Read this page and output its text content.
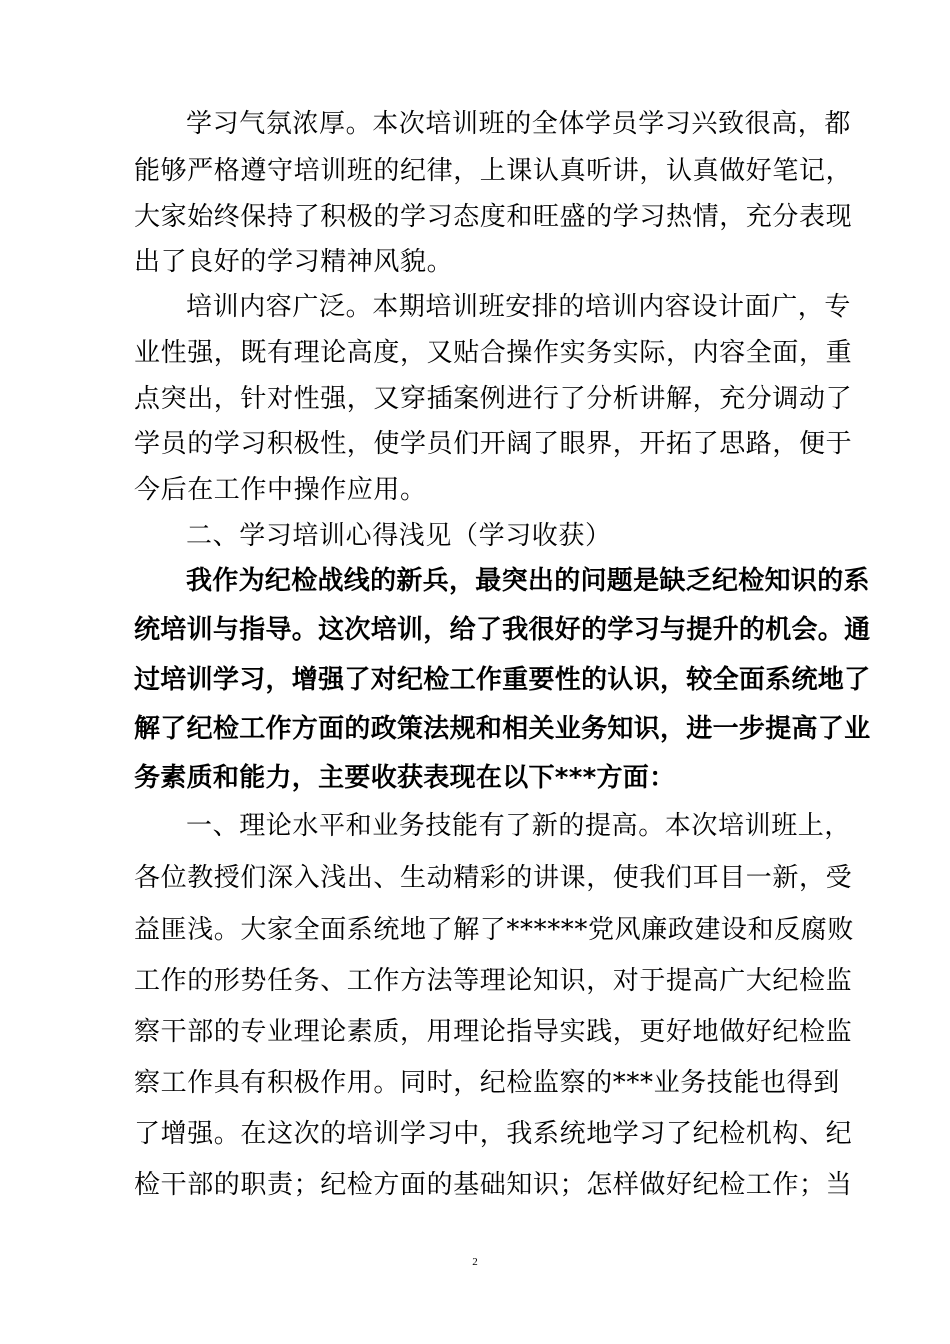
学习气氛浓厚。本次培训班的全体学员学习兴致很高，都
能够严格遵守培训班的纪律，上课认真听讲，认真做好笔记，
大家始终保持了积极的学习态度和旺盛的学习热情，充分表现
出了良好的学习精神风貌。
培训内容广泛。本期培训班安排的培训内容设计面广，专
业性强，既有理论高度，又贴合操作实务实际，内容全面，重
点突出，针对性强，又穿插案例进行了分析讲解，充分调动了
学员的学习积极性，使学员们开阔了眼界，开拓了思路，便于
今后在工作中操作应用。
二、学习培训心得浅见（学习收获）
我作为纪检战线的新兵，最突出的问题是缺乏纪检知识的系
统培训与指导。这次培训，给了我很好的学习与提升的机会。通
过培训学习，增强了对纪检工作重要性的认识，较全面系统地了
解了纪检工作方面的政策法规和相关业务知识，进一步提高了业
务素质和能力，主要收获表现在以下***方面：
一、理论水平和业务技能有了新的提高。本次培训班上，
各位教授们深入浅出、生动精彩的讲课，使我们耳目一新，受
益匪浅。大家全面系统地了解了******党风廉政建设和反腐败
工作的形势任务、工作方法等理论知识，对于提高广大纪检监
察干部的专业理论素质，用理论指导实践，更好地做好纪检监
察工作具有积极作用。同时，纪检监察的***业务技能也得到
了增强。在这次的培训学习中，我系统地学习了纪检机构、纪
检干部的职责；纪检方面的基础知识；怎样做好纪检工作；当
2
